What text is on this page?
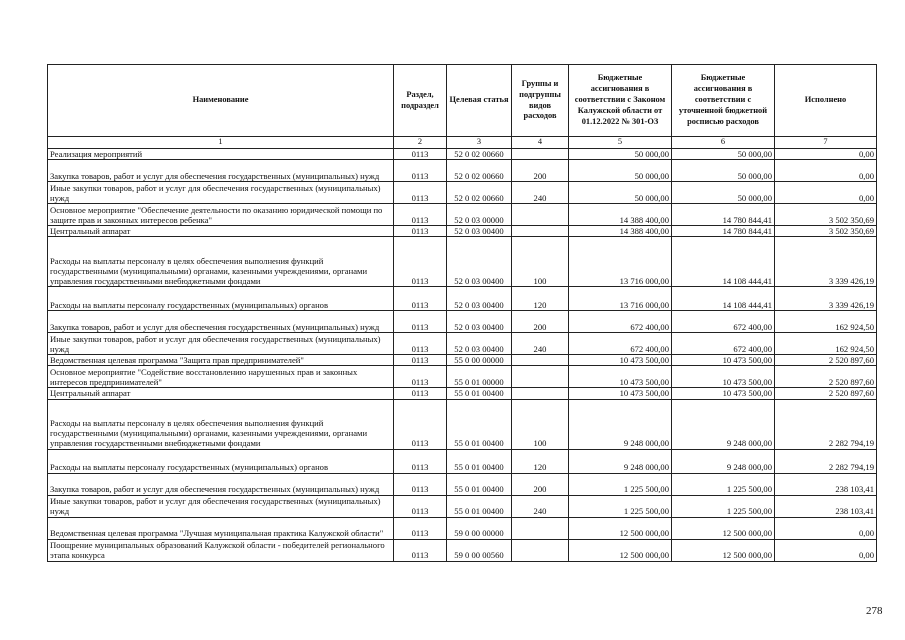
Наименование	Раздел, подраздел	Целевая статья	Группы и подгруппы видов расходов	Бюджетные ассигнования в соответствии с Законом Калужской области от 01.12.2022 № 301-ОЗ	Бюджетные ассигнования в соответствии с уточненной бюджетной росписью расходов	Исполнено
1	2	3	4	5	6	7
Реализация мероприятий	0113	52 0 02 00660		50 000,00	50 000,00	0,00
Закупка товаров, работ и услуг для обеспечения государственных (муниципальных) нужд	0113	52 0 02 00660	200	50 000,00	50 000,00	0,00
Иные закупки товаров, работ и услуг для обеспечения государственных (муниципальных) нужд	0113	52 0 02 00660	240	50 000,00	50 000,00	0,00
Основное мероприятие "Обеспечение деятельности по оказанию юридической помощи по защите прав и законных интересов ребенка"	0113	52 0 03 00000		14 388 400,00	14 780 844,41	3 502 350,69
Центральный аппарат	0113	52 0 03 00400		14 388 400,00	14 780 844,41	3 502 350,69
Расходы на выплаты персоналу в целях обеспечения выполнения функций государственными (муниципальными) органами, казенными учреждениями, органами управления государственными внебюджетными фондами	0113	52 0 03 00400	100	13 716 000,00	14 108 444,41	3 339 426,19
Расходы на выплаты персоналу государственных (муниципальных) органов	0113	52 0 03 00400	120	13 716 000,00	14 108 444,41	3 339 426,19
Закупка товаров, работ и услуг для обеспечения государственных (муниципальных) нужд	0113	52 0 03 00400	200	672 400,00	672 400,00	162 924,50
Иные закупки товаров, работ и услуг для обеспечения государственных (муниципальных) нужд	0113	52 0 03 00400	240	672 400,00	672 400,00	162 924,50
Ведомственная целевая программа "Защита прав предпринимателей"	0113	55 0 00 00000		10 473 500,00	10 473 500,00	2 520 897,60
Основное мероприятие "Содействие восстановлению нарушенных прав и законных интересов предпринимателей"	0113	55 0 01 00000		10 473 500,00	10 473 500,00	2 520 897,60
Центральный аппарат	0113	55 0 01 00400		10 473 500,00	10 473 500,00	2 520 897,60
Расходы на выплаты персоналу в целях обеспечения выполнения функций государственными (муниципальными) органами, казенными учреждениями, органами управления государственными внебюджетными фондами	0113	55 0 01 00400	100	9 248 000,00	9 248 000,00	2 282 794,19
Расходы на выплаты персоналу государственных (муниципальных) органов	0113	55 0 01 00400	120	9 248 000,00	9 248 000,00	2 282 794,19
Закупка товаров, работ и услуг для обеспечения государственных (муниципальных) нужд	0113	55 0 01 00400	200	1 225 500,00	1 225 500,00	238 103,41
Иные закупки товаров, работ и услуг для обеспечения государственных (муниципальных) нужд	0113	55 0 01 00400	240	1 225 500,00	1 225 500,00	238 103,41
Ведомственная целевая программа "Лучшая муниципальная практика Калужской области"	0113	59 0 00 00000		12 500 000,00	12 500 000,00	0,00
Поощрение муниципальных образований Калужской области - победителей регионального этапа конкурса	0113	59 0 00 00560		12 500 000,00	12 500 000,00	0,00
278
